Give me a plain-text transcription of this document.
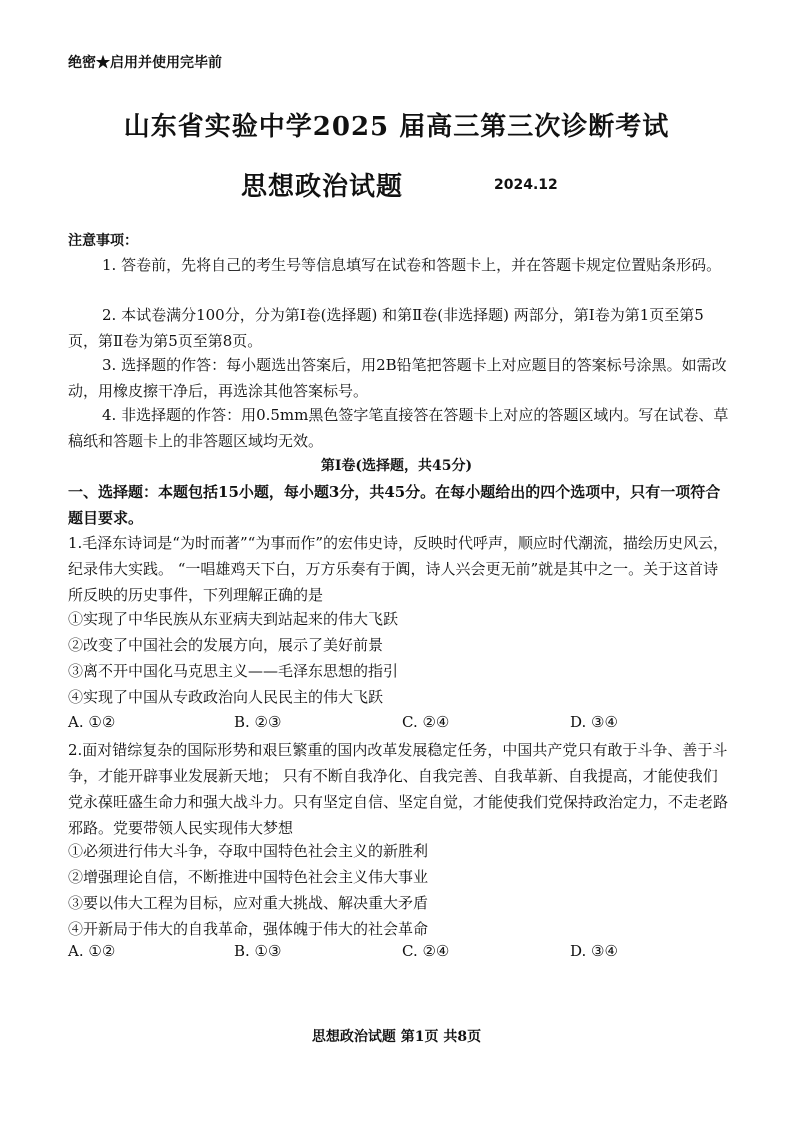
绝密★启用并使用完毕前
山东省实验中学2025 届高三第三次诊断考试
思想政治试题	2024.12
注意事项：
1. 答卷前，先将自己的考生号等信息填写在试卷和答题卡上，并在答题卡规定位置贴条形码。
2. 本试卷满分100分，分为第Ⅰ卷(选择题) 和第Ⅱ卷(非选择题) 两部分，第Ⅰ卷为第1页至第5页，第Ⅱ卷为第5页至第8页。
3. 选择题的作答：每小题选出答案后，用2B铅笔把答题卡上对应题目的答案标号涂黑。如需改动，用橡皮擦干净后，再选涂其他答案标号。
4. 非选择题的作答：用0.5mm黑色签字笔直接答在答题卡上对应的答题区域内。写在试卷、草稿纸和答题卡上的非答题区域均无效。
第Ⅰ卷(选择题，共45分)
一、选择题：本题包括15小题，每小题3分，共45分。在每小题给出的四个选项中，只有一项符合题目要求。
1.毛泽东诗词是“为时而著”“为事而作”的宏伟史诗，反映时代呼声，顺应时代潮流，描绘历史风云，纪录伟大实践。 “一唱雄鸡天下白，万方乐奏有于阗，诗人兴会更无前”就是其中之一。关于这首诗所反映的历史事件，下列理解正确的是
①实现了中华民族从东亚病夫到站起来的伟大飞跃
②改变了中国社会的发展方向，展示了美好前景
③离不开中国化马克思主义——毛泽东思想的指引
④实现了中国从专政政治向人民民主的伟大飞跃
A. ①②	B. ②③	C. ②④	D. ③④
2.面对错综复杂的国际形势和艰巨繁重的国内改革发展稳定任务，中国共产党只有敢于斗争、善于斗争，才能开辟事业发展新天地； 只有不断自我净化、自我完善、自我革新、自我提高，才能使我们党永葆旺盛生命力和强大战斗力。只有坚定自信、坚定自觉，才能使我们党保持政治定力，不走老路邪路。党要带领人民实现伟大梦想
①必须进行伟大斗争，夺取中国特色社会主义的新胜利
②增强理论自信，不断推进中国特色社会主义伟大事业
③要以伟大工程为目标，应对重大挑战、解决重大矛盾
④开新局于伟大的自我革命，强体魄于伟大的社会革命
A. ①②	B. ①③	C. ②④	D. ③④
思想政治试题 第1页 共8页
